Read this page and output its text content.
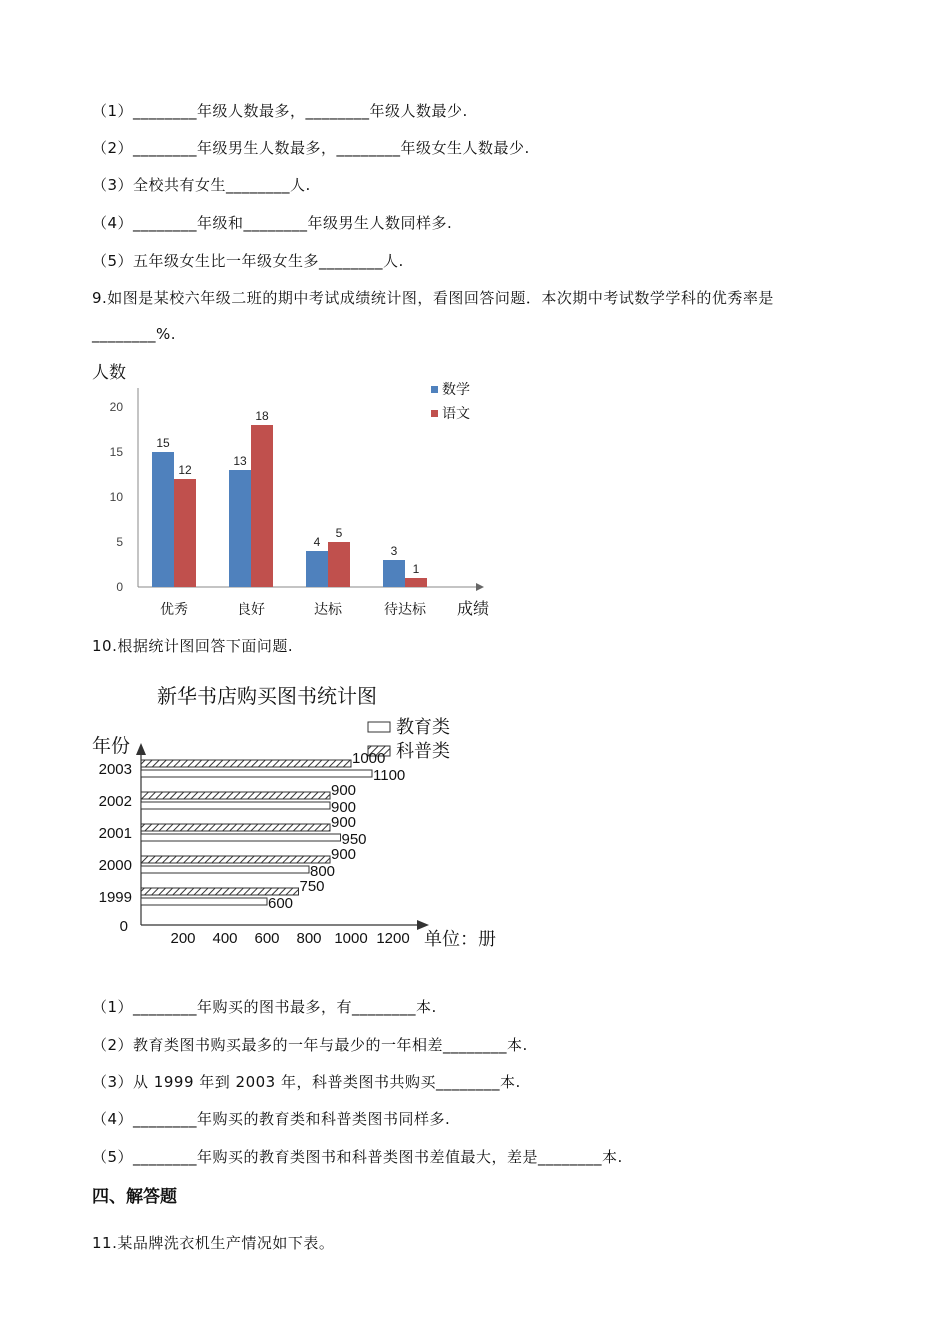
（1）________年级人数最多，________年级人数最少.
（2）________年级男生人数最多，________年级女生人数最少.
（3）全校共有女生________人.
（4）________年级和________年级男生人数同样多.
（5）五年级女生比一年级女生多________人.
9.如图是某校六年级二班的期中考试成绩统计图，看图回答问题．本次期中考试数学学科的优秀率是
________%.
人数
成绩
0
5
10
15
20
15
12
优秀
13
18
良好
4
5
达标
3
1
待达标
数学
语文
10.根据统计图回答下面问题.
新华书店购买图书统计图
年份
单位：册
0
200 400 600 800 1000 1200
教育类
科普类
1999
750
600
2000
900
800
2001
900
950
2002
900
900
2003
1000
1100
（1）________年购买的图书最多，有________本.
（2）教育类图书购买最多的一年与最少的一年相差________本.
（3）从 1999 年到 2003 年，科普类图书共购买________本.
（4）________年购买的教育类和科普类图书同样多.
（5）________年购买的教育类图书和科普类图书差值最大，差是________本.
四、解答题
11.某品牌洗衣机生产情况如下表。
